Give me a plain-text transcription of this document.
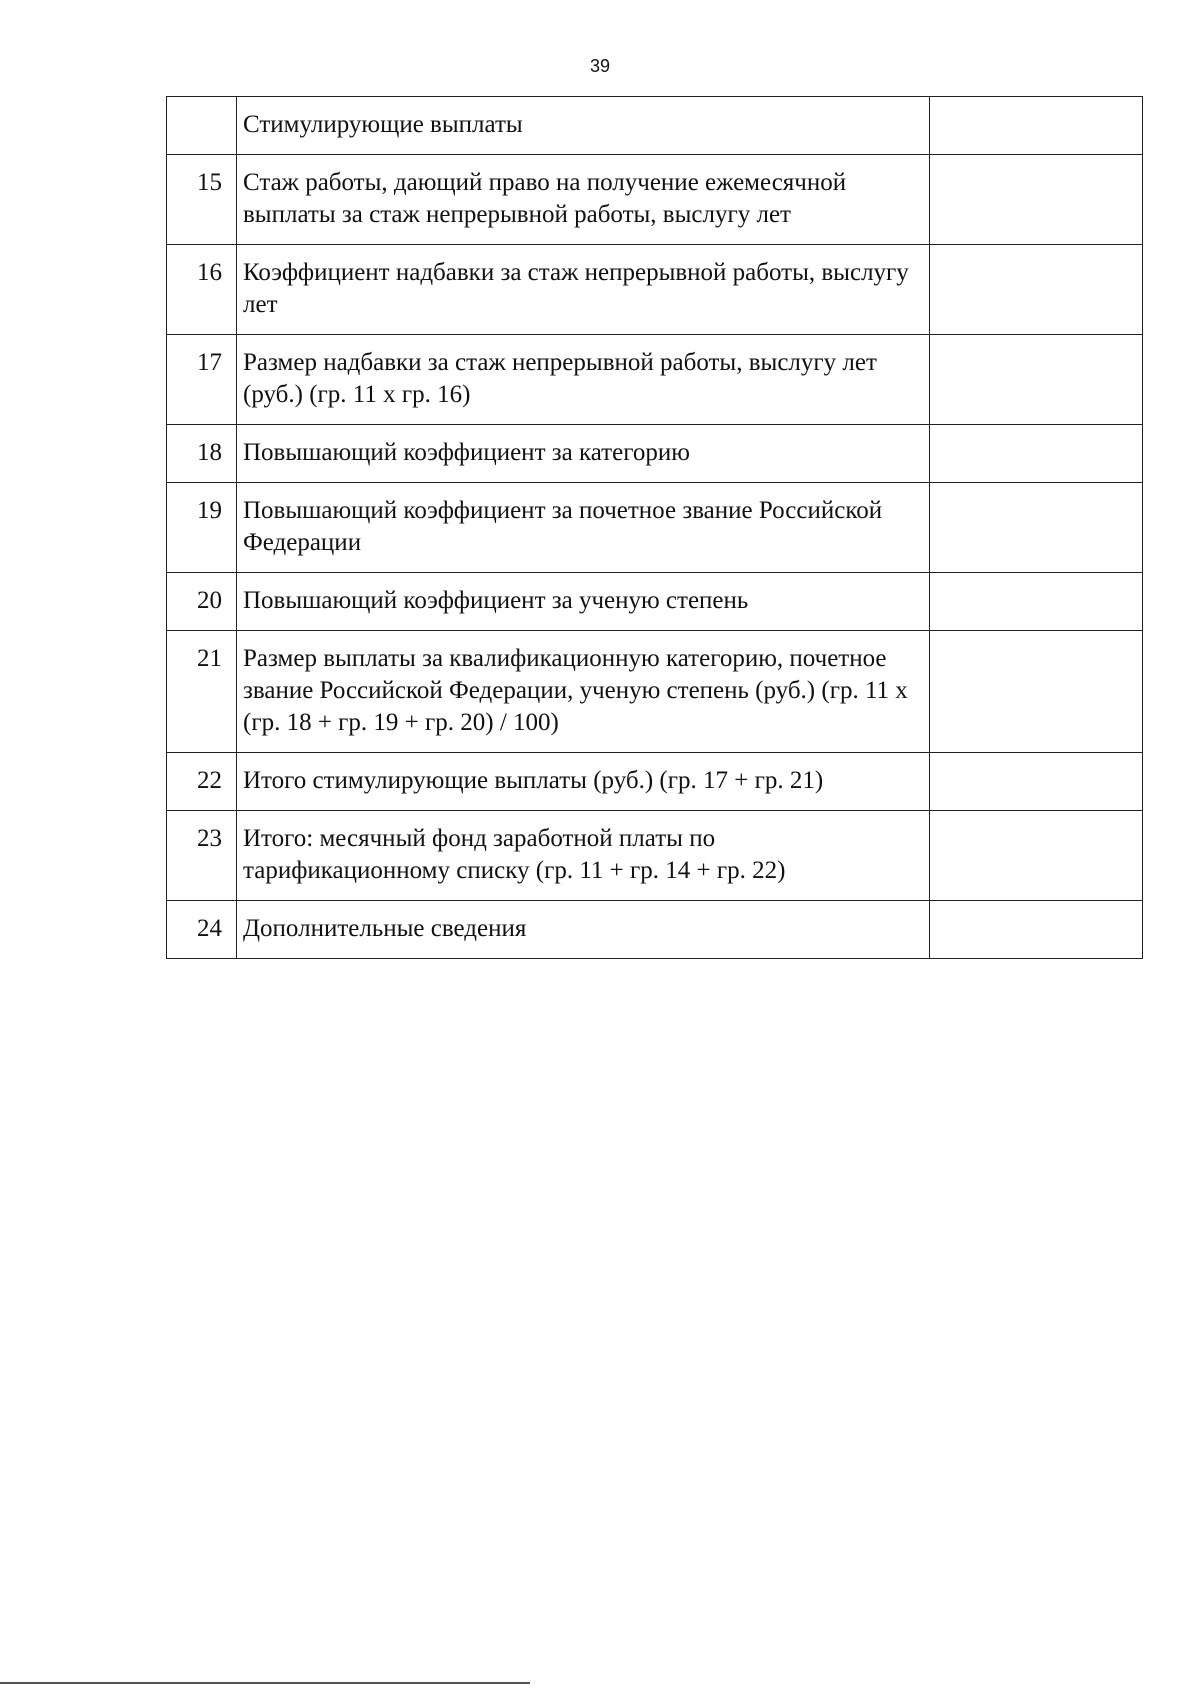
39
	Стимулирующие выплаты	
15	Стаж работы, дающий право на получение ежемесячной выплаты за стаж непрерывной работы, выслугу лет	
16	Коэффициент надбавки за стаж непрерывной работы, выслугу лет	
17	Размер надбавки за стаж непрерывной работы, выслугу лет (руб.) (гр. 11 х гр. 16)	
18	Повышающий коэффициент за категорию	
19	Повышающий коэффициент за почетное звание Российской Федерации	
20	Повышающий коэффициент за ученую степень	
21	Размер выплаты за квалификационную категорию, почетное звание Российской Федерации, ученую степень (руб.) (гр. 11 х (гр. 18 + гр. 19 + гр. 20) / 100)	
22	Итого стимулирующие выплаты (руб.) (гр. 17 + гр. 21)	
23	Итого: месячный фонд заработной платы по тарификационному списку (гр. 11 + гр. 14 + гр. 22)	
24	Дополнительные сведения	
